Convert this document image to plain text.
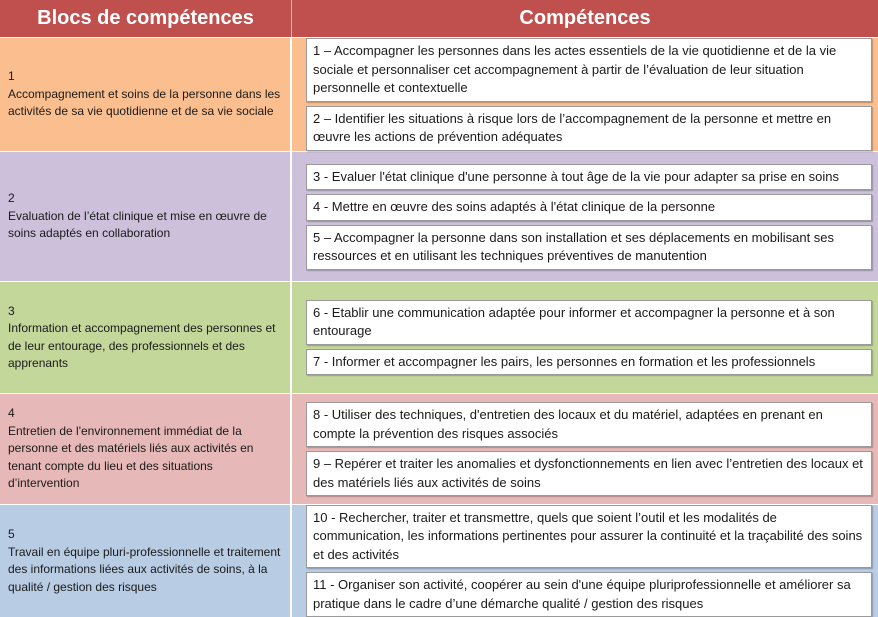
Blocs de compétences	Compétences
1
Accompagnement et soins de la personne dans les activités de sa vie quotidienne et de sa vie sociale
1 – Accompagner les personnes dans les actes essentiels de la vie quotidienne et de la vie sociale et personnaliser cet accompagnement à partir de l’évaluation de leur situation personnelle et contextuelle
2 – Identifier les situations à risque lors de l’accompagnement de la personne et mettre en œuvre les actions de prévention adéquates
2
Evaluation de l’état clinique et mise en œuvre de soins adaptés en collaboration
3 - Evaluer l'état clinique d'une personne à tout âge de la vie pour adapter sa prise en soins
4 - Mettre en œuvre des soins adaptés à l'état clinique de la personne
5 – Accompagner la personne dans son installation et ses déplacements en mobilisant ses ressources et en utilisant les techniques préventives de manutention
3
Information et accompagnement des personnes et de leur entourage, des professionnels et des apprenants
6 - Etablir une communication adaptée pour informer et accompagner la personne et à son entourage
7 - Informer et accompagner les pairs, les personnes en formation et les professionnels
4
Entretien de l'environnement immédiat de la personne et des matériels liés aux activités en tenant compte du lieu et des situations d’intervention
8 - Utiliser des techniques, d'entretien des locaux et du matériel, adaptées en prenant en compte la prévention des risques associés
9 – Repérer et traiter les anomalies et dysfonctionnements en lien avec l’entretien des locaux et des matériels liés aux activités de soins
5
Travail en équipe pluri-professionnelle et traitement des informations liées aux activités de soins, à la qualité / gestion des risques
10 - Rechercher, traiter et transmettre, quels que soient l’outil et les modalités de communication, les informations pertinentes pour assurer la continuité et la traçabilité des soins et des activités
11 - Organiser son activité, coopérer au sein d'une équipe pluriprofessionnelle et améliorer sa pratique dans le cadre d’une démarche qualité / gestion des risques
